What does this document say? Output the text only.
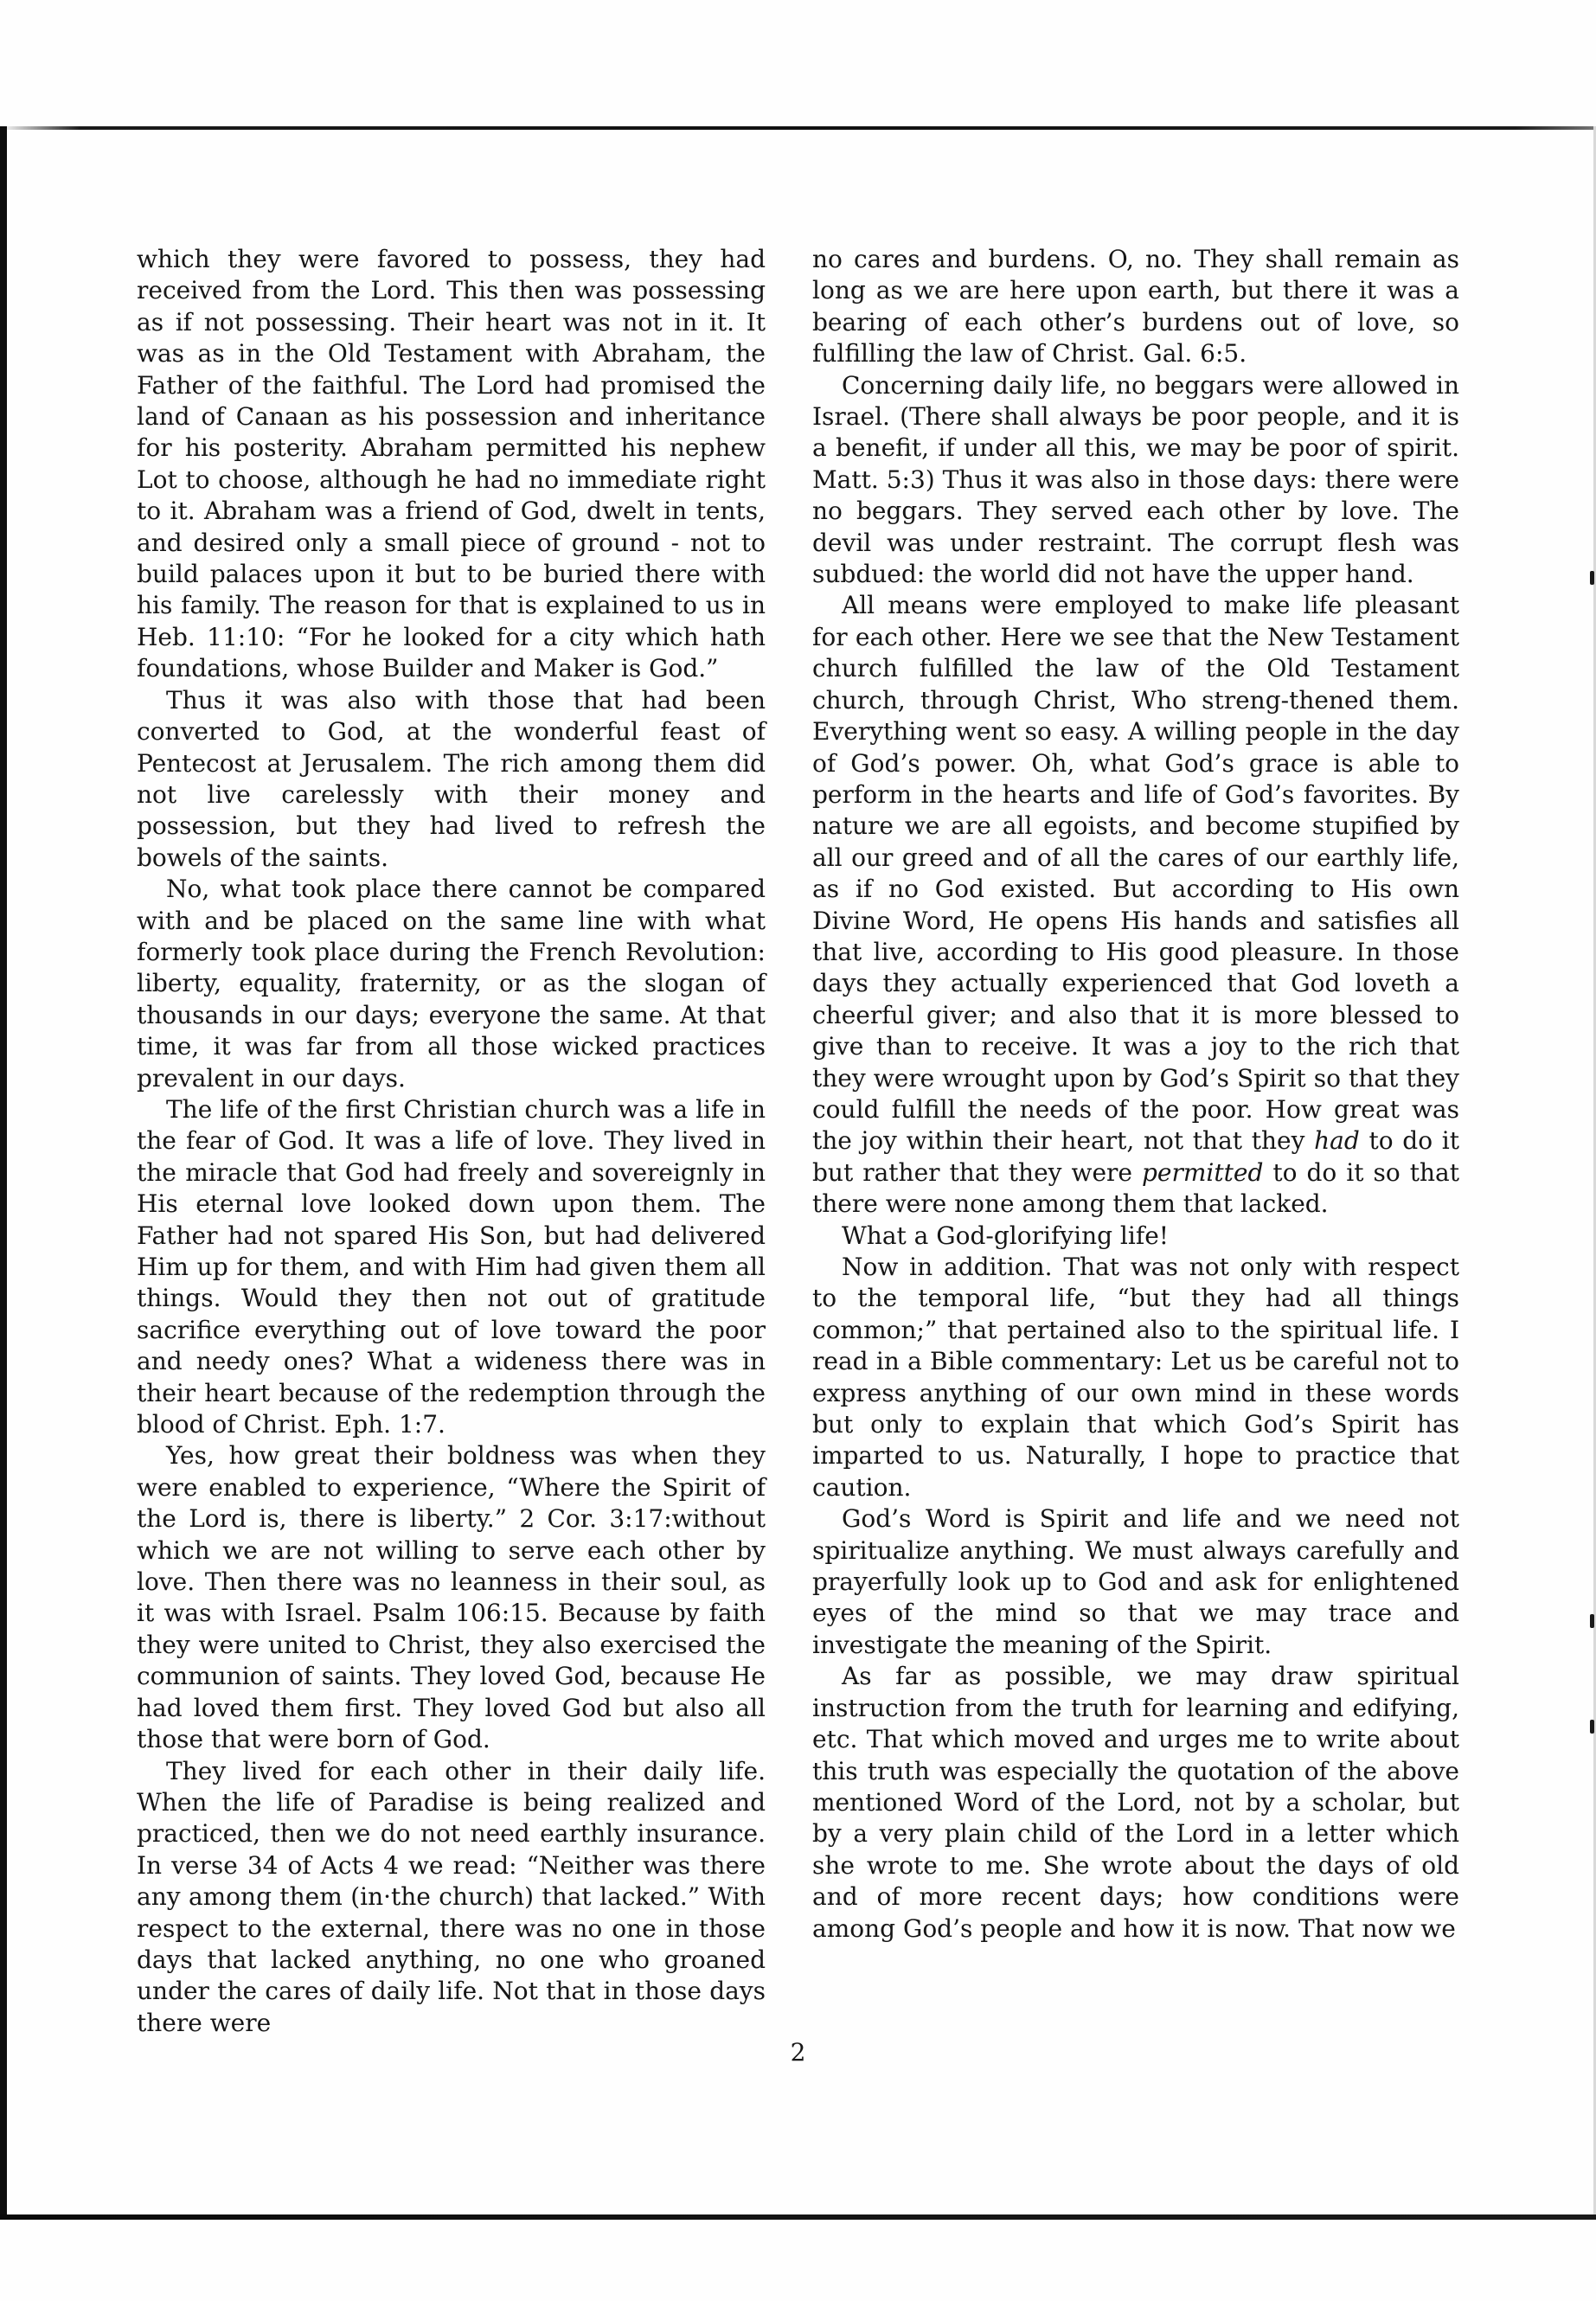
which they were favored to possess, they had received from the Lord. This then was possessing as if not possessing. Their heart was not in it. It was as in the Old Testament with Abraham, the Father of the faithful. The Lord had promised the land of Canaan as his possession and inheritance for his posterity. Abraham permitted his nephew Lot to choose, although he had no immediate right to it. Abraham was a friend of God, dwelt in tents, and desired only a small piece of ground - not to build palaces upon it but to be buried there with his family. The reason for that is explained to us in Heb. 11:10: “For he looked for a city which hath foundations, whose Builder and Maker is God.”

Thus it was also with those that had been converted to God, at the wonderful feast of Pentecost at Jerusalem. The rich among them did not live carelessly with their money and possession, but they had lived to refresh the bowels of the saints.

No, what took place there cannot be compared with and be placed on the same line with what formerly took place during the French Revolution: liberty, equality, fraternity, or as the slogan of thousands in our days; everyone the same. At that time, it was far from all those wicked practices prevalent in our days.

The life of the first Christian church was a life in the fear of God. It was a life of love. They lived in the miracle that God had freely and sovereignly in His eternal love looked down upon them. The Father had not spared His Son, but had delivered Him up for them, and with Him had given them all things. Would they then not out of gratitude sacrifice everything out of love toward the poor and needy ones? What a wideness there was in their heart because of the redemption through the blood of Christ. Eph. 1:7.

Yes, how great their boldness was when they were enabled to experience, “Where the Spirit of the Lord is, there is liberty.” 2 Cor. 3:17:without which we are not willing to serve each other by love. Then there was no leanness in their soul, as it was with Israel. Psalm 106:15. Because by faith they were united to Christ, they also exercised the communion of saints. They loved God, because He had loved them first. They loved God but also all those that were born of God.

They lived for each other in their daily life. When the life of Paradise is being realized and practiced, then we do not need earthly insurance. In verse 34 of Acts 4 we read: “Neither was there any among them (in·the church) that lacked.” With respect to the external, there was no one in those days that lacked anything, no one who groaned under the cares of daily life. Not that in those days there were

no cares and burdens. O, no. They shall remain as long as we are here upon earth, but there it was a bearing of each other’s burdens out of love, so fulfilling the law of Christ. Gal. 6:5.

Concerning daily life, no beggars were allowed in Israel. (There shall always be poor people, and it is a benefit, if under all this, we may be poor of spirit. Matt. 5:3) Thus it was also in those days: there were no beggars. They served each other by love. The devil was under restraint. The corrupt flesh was subdued: the world did not have the upper hand.

All means were employed to make life pleasant for each other. Here we see that the New Testament church fulfilled the law of the Old Testament church, through Christ, Who streng-thened them. Everything went so easy. A willing people in the day of God’s power. Oh, what God’s grace is able to perform in the hearts and life of God’s favorites. By nature we are all egoists, and become stupified by all our greed and of all the cares of our earthly life, as if no God existed. But according to His own Divine Word, He opens His hands and satisfies all that live, according to His good pleasure. In those days they actually experienced that God loveth a cheerful giver; and also that it is more blessed to give than to receive. It was a joy to the rich that they were wrought upon by God’s Spirit so that they could fulfill the needs of the poor. How great was the joy within their heart, not that they had to do it but rather that they were permitted to do it so that there were none among them that lacked.

What a God-glorifying life!

Now in addition. That was not only with respect to the temporal life, “but they had all things common;” that pertained also to the spiritual life. I read in a Bible commentary: Let us be careful not to express anything of our own mind in these words but only to explain that which God’s Spirit has imparted to us. Naturally, I hope to practice that caution.

God’s Word is Spirit and life and we need not spiritualize anything. We must always carefully and prayerfully look up to God and ask for enlightened eyes of the mind so that we may trace and investigate the meaning of the Spirit.

As far as possible, we may draw spiritual instruction from the truth for learning and edifying, etc. That which moved and urges me to write about this truth was especially the quotation of the above mentioned Word of the Lord, not by a scholar, but by a very plain child of the Lord in a letter which she wrote to me. She wrote about the days of old and of more recent days; how conditions were among God’s people and how it is now. That now we

2
